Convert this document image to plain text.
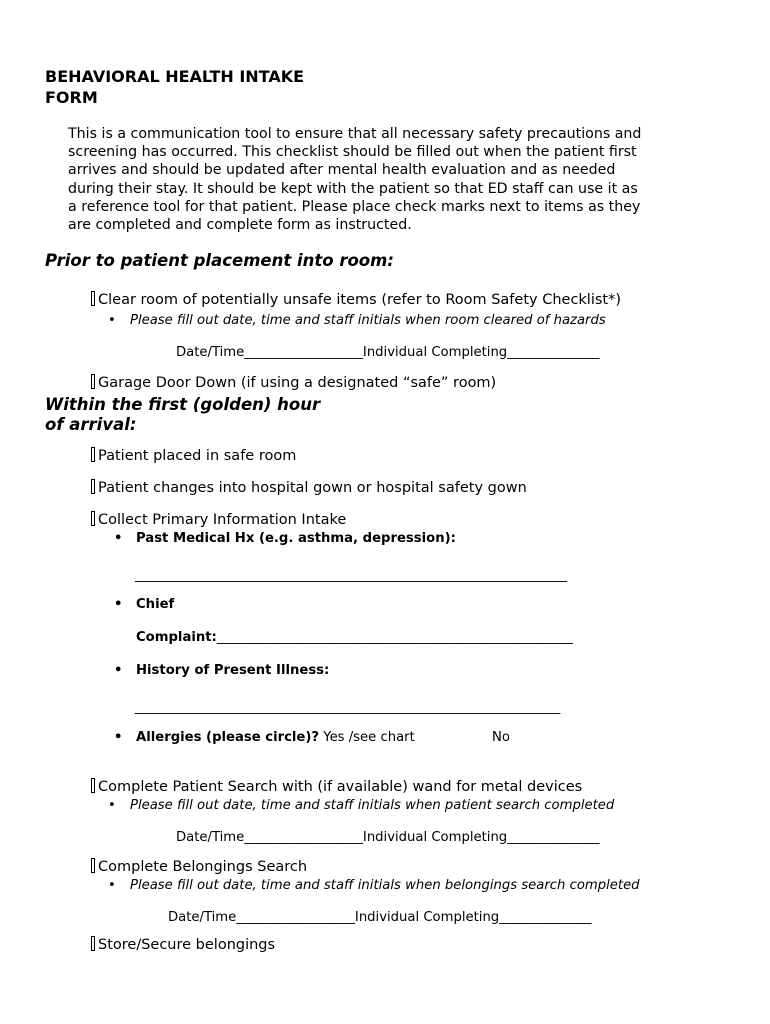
BEHAVIORAL HEALTH INTAKE
FORM
This is a communication tool to ensure that all necessary safety precautions and
screening has occurred. This checklist should be filled out when the patient first
arrives and should be updated after mental health evaluation and as needed
during their stay. It should be kept with the patient so that ED staff can use it as
a reference tool for that patient. Please place check marks next to items as they
are completed and complete form as instructed.
Prior to patient placement into room:
Clear room of potentially unsafe items (refer to Room Safety Checklist*)
• Please fill out date, time and staff initials when room cleared of hazards
Date/Time__________________Individual Completing______________
Garage Door Down (if using a designated “safe” room)
Within the first (golden) hour
of arrival:
Patient placed in safe room
Patient changes into hospital gown or hospital safety gown
Collect Primary Information Intake
• Past Medical Hx (e.g. asthma, depression):
________________________________________________________________
• Chief
Complaint:______________________________________________________
• History of Present Illness:
_______________________________________________________________
• Allergies (please circle)? Yes /see chart	No
Complete Patient Search with (if available) wand for metal devices
• Please fill out date, time and staff initials when patient search completed
Date/Time__________________Individual Completing______________
Complete Belongings Search
• Please fill out date, time and staff initials when belongings search completed
Date/Time__________________Individual Completing______________
Store/Secure belongings
